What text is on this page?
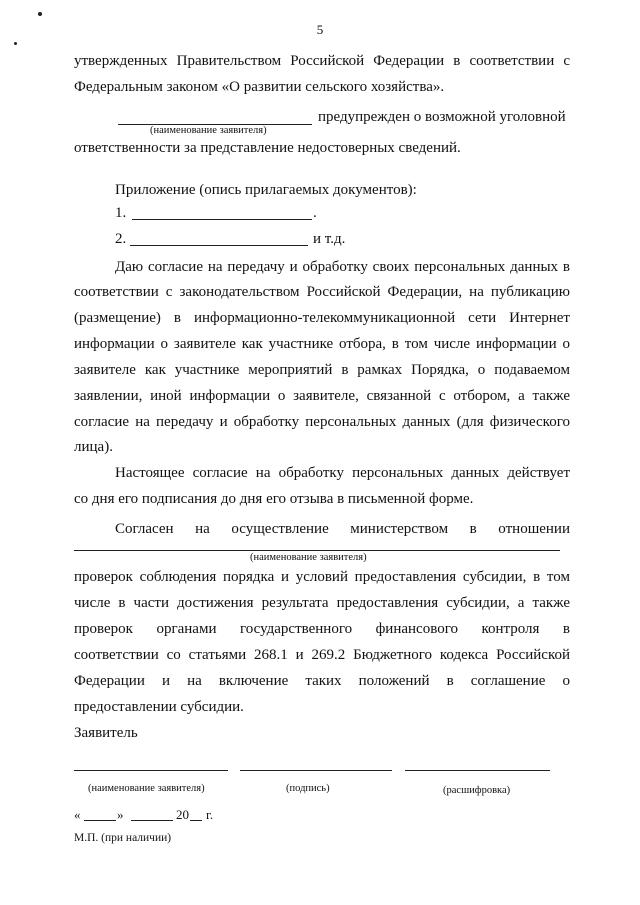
5
утвержденных Правительством Российской Федерации в соответствии с
Федеральным законом «О развитии сельского хозяйства».
предупрежден о возможной уголовной
(наименование заявителя)
ответственности за представление недостоверных сведений.
Приложение (опись прилагаемых документов):
1.	.
2.	и т.д.
Даю согласие на передачу и обработку своих персональных данных в
соответствии с законодательством Российской Федерации, на публикацию
(размещение) в информационно-телекоммуникационной сети Интернет
информации о заявителе как участнике отбора, в том числе информации о
заявителе как участнике мероприятий в рамках Порядка, о подаваемом
заявлении, иной информации о заявителе, связанной с отбором, а также
согласие на передачу и обработку персональных данных (для физического
лица).
Настоящее согласие на обработку персональных данных действует
со дня его подписания до дня его отзыва в письменной форме.
Согласен на осуществление министерством в отношении
(наименование заявителя)
проверок соблюдения порядка и условий предоставления субсидии, в том
числе в части достижения результата предоставления субсидии, а также
проверок органами государственного финансового контроля в
соответствии со статьями 268.1 и 269.2 Бюджетного кодекса Российской
Федерации и на включение таких положений в соглашение о
предоставлении субсидии.
Заявитель
(наименование заявителя)	(подпись)	(расшифровка)
«	»	20 г.
М.П. (при наличии)
